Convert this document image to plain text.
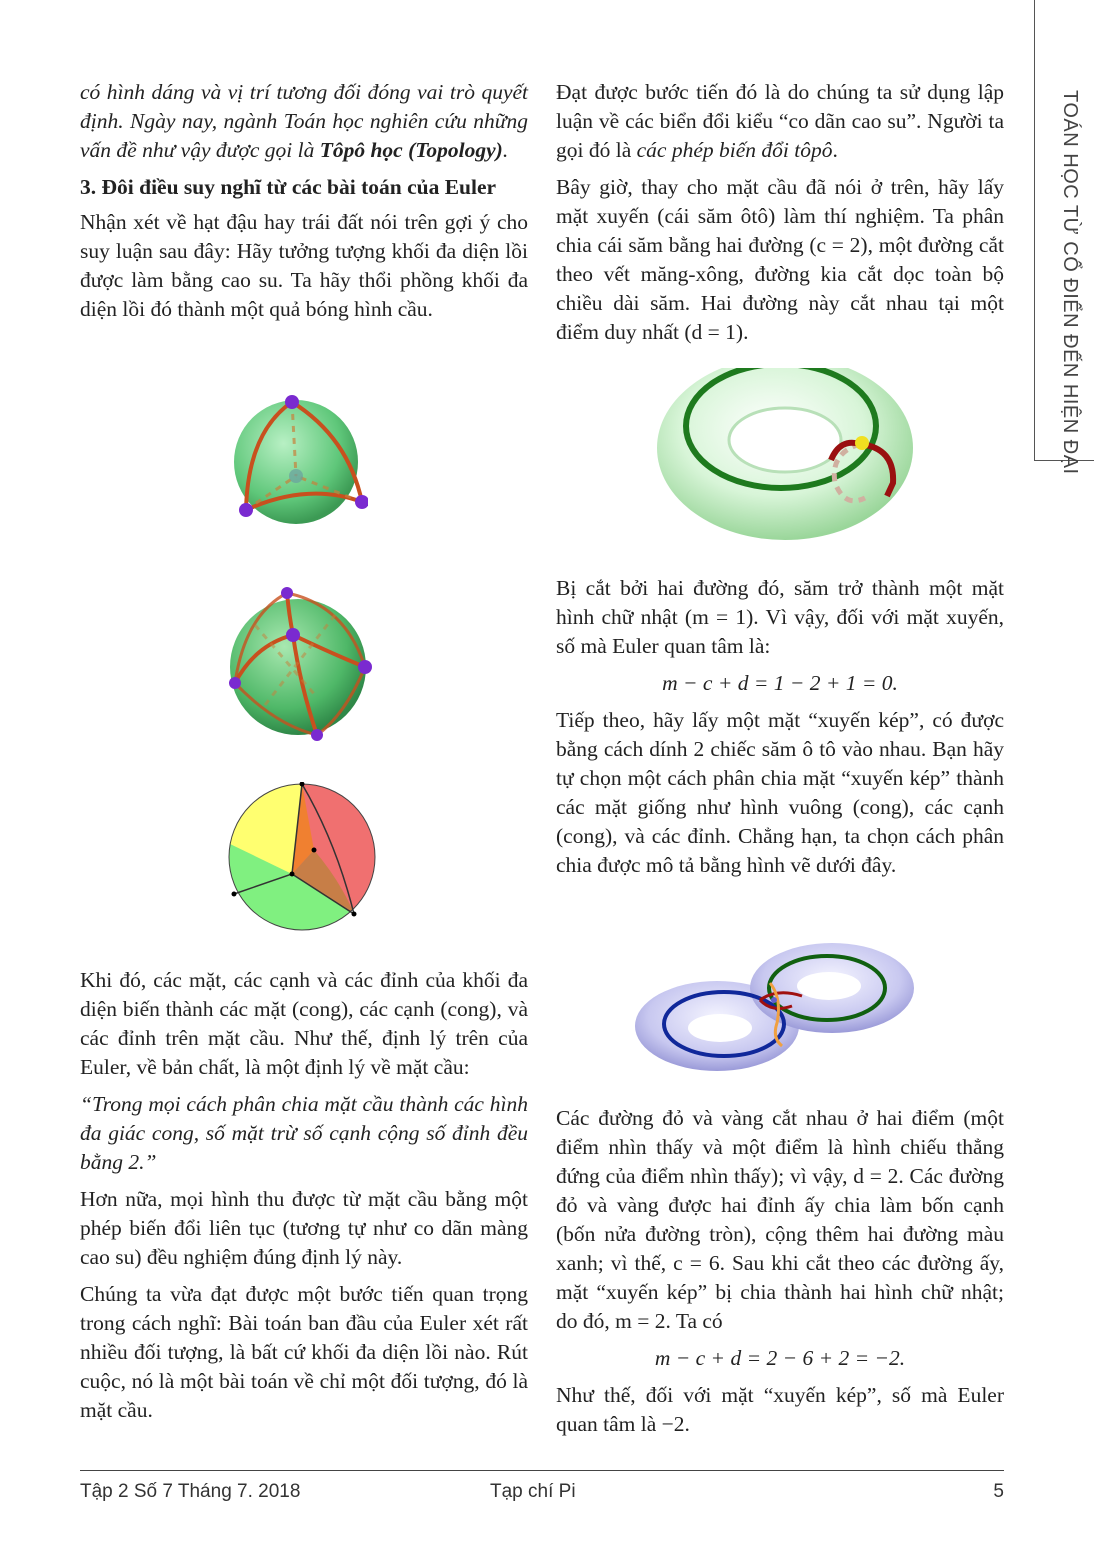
TOÁN HỌC TỪ CỔ ĐIỂN ĐẾN HIỆN ĐẠI

có hình dáng và vị trí tương đối đóng vai trò quyết định. Ngày nay, ngành Toán học nghiên cứu những vấn đề như vậy được gọi là Tôpô học (Topology).

3. Đôi điều suy nghĩ từ các bài toán của Euler

Nhận xét về hạt đậu hay trái đất nói trên gợi ý cho suy luận sau đây: Hãy tưởng tượng khối đa diện lồi được làm bằng cao su. Ta hãy thổi phồng khối đa diện lồi đó thành một quả bóng hình cầu.

Khi đó, các mặt, các cạnh và các đỉnh của khối đa diện biến thành các mặt (cong), các cạnh (cong), và các đỉnh trên mặt cầu. Như thế, định lý trên của Euler, về bản chất, là một định lý về mặt cầu:

“Trong mọi cách phân chia mặt cầu thành các hình đa giác cong, số mặt trừ số cạnh cộng số đỉnh đều bằng 2.”

Hơn nữa, mọi hình thu được từ mặt cầu bằng một phép biến đổi liên tục (tương tự như co dãn màng cao su) đều nghiệm đúng định lý này.

Chúng ta vừa đạt được một bước tiến quan trọng trong cách nghĩ: Bài toán ban đầu của Euler xét rất nhiều đối tượng, là bất cứ khối đa diện lồi nào. Rút cuộc, nó là một bài toán về chỉ một đối tượng, đó là mặt cầu.

Đạt được bước tiến đó là do chúng ta sử dụng lập luận về các biển đổi kiểu “co dãn cao su”. Người ta gọi đó là các phép biến đổi tôpô.

Bây giờ, thay cho mặt cầu đã nói ở trên, hãy lấy mặt xuyến (cái săm ôtô) làm thí nghiệm. Ta phân chia cái săm bằng hai đường (c = 2), một đường cắt theo vết măng-xông, đường kia cắt dọc toàn bộ chiều dài săm. Hai đường này cắt nhau tại một điểm duy nhất (d = 1).

Bị cắt bởi hai đường đó, săm trở thành một mặt hình chữ nhật (m = 1). Vì vậy, đối với mặt xuyến, số mà Euler quan tâm là:

m − c + d = 1 − 2 + 1 = 0.

Tiếp theo, hãy lấy một mặt “xuyến kép”, có được bằng cách dính 2 chiếc săm ô tô vào nhau. Bạn hãy tự chọn một cách phân chia mặt “xuyến kép” thành các mặt giống như hình vuông (cong), các cạnh (cong), và các đỉnh. Chẳng hạn, ta chọn cách phân chia được mô tả bằng hình vẽ dưới đây.

Các đường đỏ và vàng cắt nhau ở hai điểm (một điểm nhìn thấy và một điểm là hình chiếu thẳng đứng của điểm nhìn thấy); vì vậy, d = 2. Các đường đỏ và vàng được hai đỉnh ấy chia làm bốn cạnh (bốn nửa đường tròn), cộng thêm hai đường màu xanh; vì thế, c = 6. Sau khi cắt theo các đường ấy, mặt “xuyến kép” bị chia thành hai hình chữ nhật; do đó, m = 2. Ta có

m − c + d = 2 − 6 + 2 = −2.

Như thế, đối với mặt “xuyến kép”, số mà Euler quan tâm là −2.

Tập 2 Số 7 Tháng 7. 2018	Tạp chí Pi	5
